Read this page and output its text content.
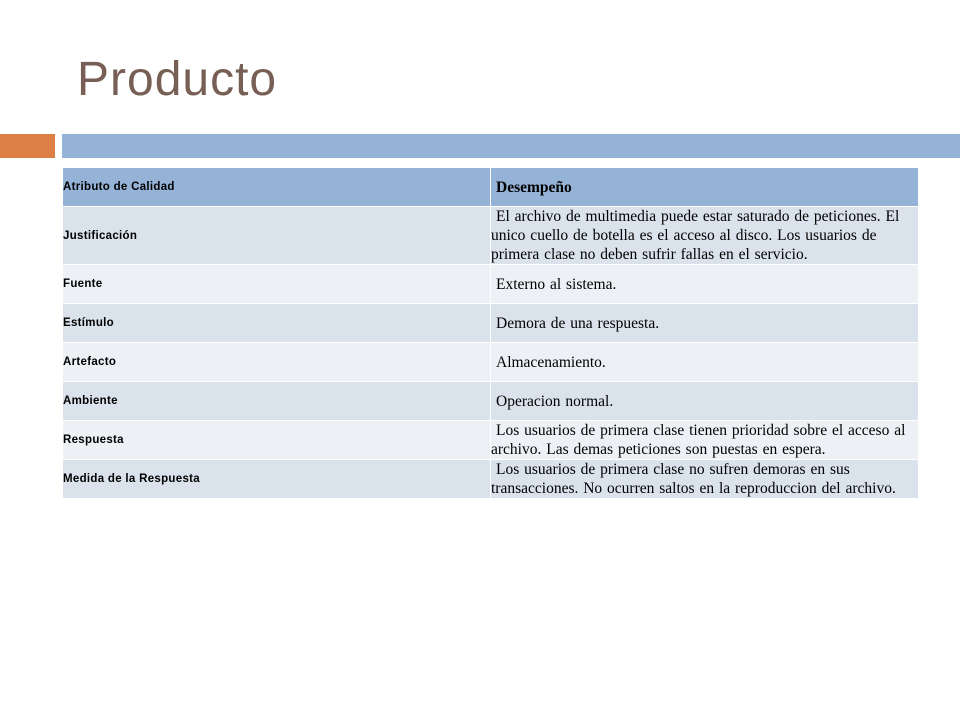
Producto
Atributo de Calidad	Desempeño
Justificación	El archivo de multimedia puede estar saturado de peticiones. El unico cuello de botella es el acceso al disco. Los usuarios de primera clase no deben sufrir fallas en el servicio.
Fuente	Externo al sistema.
Estímulo	Demora de una respuesta.
Artefacto	Almacenamiento.
Ambiente	Operacion normal.
Respuesta	Los usuarios de primera clase tienen prioridad sobre el acceso al archivo. Las demas peticiones son puestas en espera.
Medida de la Respuesta	Los usuarios de primera clase no sufren demoras en sus transacciones. No ocurren saltos en la reproduccion del archivo.
